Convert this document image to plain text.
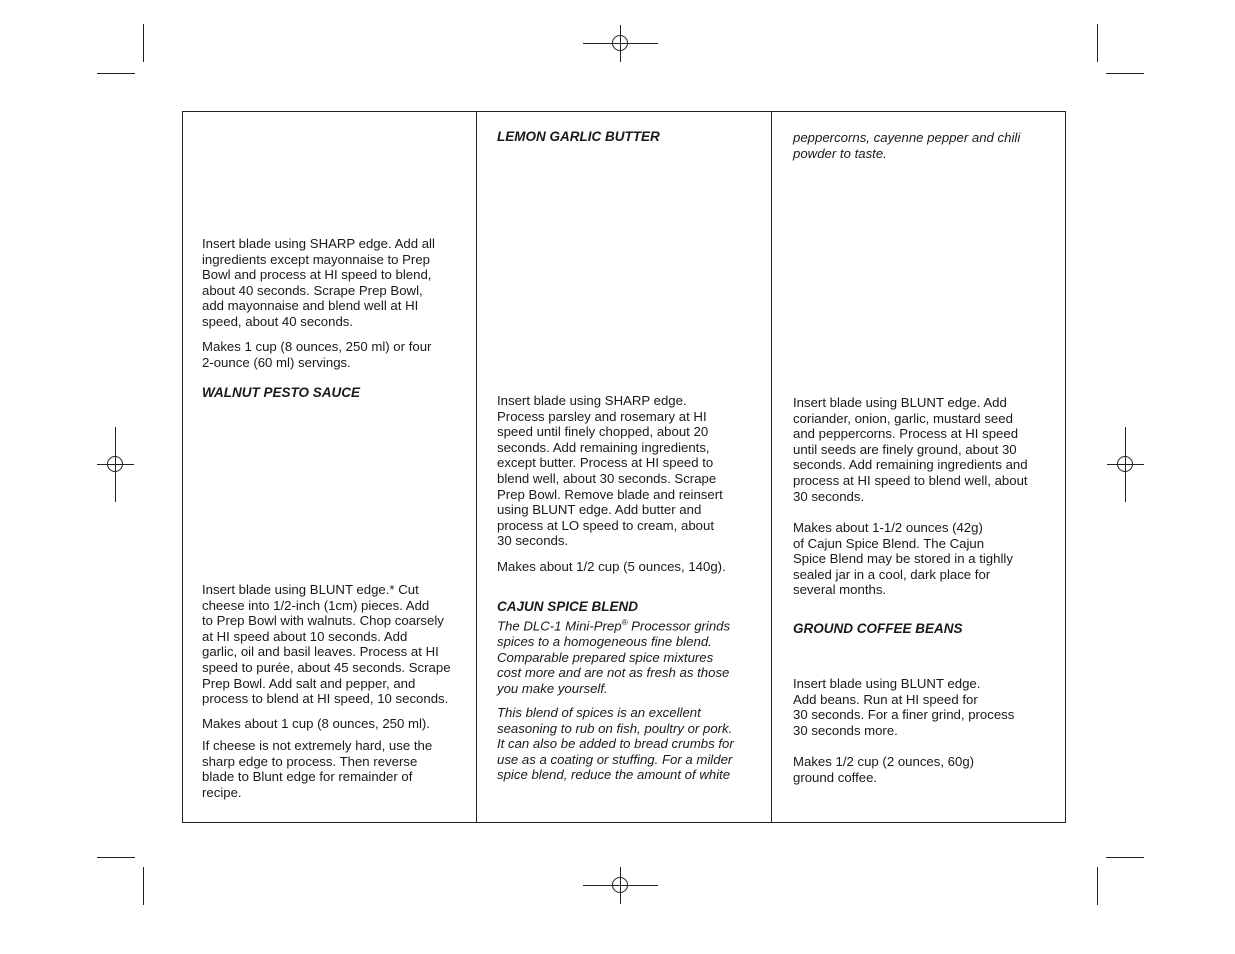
Insert blade using SHARP edge. Add all
ingredients except mayonnaise to Prep
Bowl and process at HI speed to blend,
about 40 seconds. Scrape Prep Bowl,
add mayonnaise and blend well at HI
speed, about 40 seconds.

Makes 1 cup (8 ounces, 250 ml) or four
2-ounce (60 ml) servings.

WALNUT PESTO SAUCE

Insert blade using BLUNT edge.* Cut
cheese into 1/2-inch (1cm) pieces. Add
to Prep Bowl with walnuts. Chop coarsely
at HI speed about 10 seconds. Add
garlic, oil and basil leaves. Process at HI
speed to purée, about 45 seconds. Scrape
Prep Bowl. Add salt and pepper, and
process to blend at HI speed, 10 seconds.

Makes about 1 cup (8 ounces, 250 ml).

If cheese is not extremely hard, use the
sharp edge to process. Then reverse
blade to Blunt edge for remainder of
recipe.

LEMON GARLIC BUTTER

Insert blade using SHARP edge.
Process parsley and rosemary at HI
speed until finely chopped, about 20
seconds. Add remaining ingredients,
except butter. Process at HI speed to
blend well, about 30 seconds. Scrape
Prep Bowl. Remove blade and reinsert
using BLUNT edge. Add butter and
process at LO speed to cream, about
30 seconds.

Makes about 1/2 cup (5 ounces, 140g).

CAJUN SPICE BLEND

The DLC-1 Mini-Prep® Processor grinds
spices to a homogeneous fine blend.
Comparable prepared spice mixtures
cost more and are not as fresh as those
you make yourself.

This blend of spices is an excellent
seasoning to rub on fish, poultry or pork.
It can also be added to bread crumbs for
use as a coating or stuffing. For a milder
spice blend, reduce the amount of white

peppercorns, cayenne pepper and chili
powder to taste.

Insert blade using BLUNT edge. Add
coriander, onion, garlic, mustard seed
and peppercorns. Process at HI speed
until seeds are finely ground, about 30
seconds. Add remaining ingredients and
process at HI speed to blend well, about
30 seconds.

Makes about 1-1/2 ounces (42g)
of Cajun Spice Blend. The Cajun
Spice Blend may be stored in a tighlly
sealed jar in a cool, dark place for
several months.

GROUND COFFEE BEANS

Insert blade using BLUNT edge.
Add beans. Run at HI speed for
30 seconds. For a finer grind, process
30 seconds more.

Makes 1/2 cup (2 ounces, 60g)
ground coffee.
